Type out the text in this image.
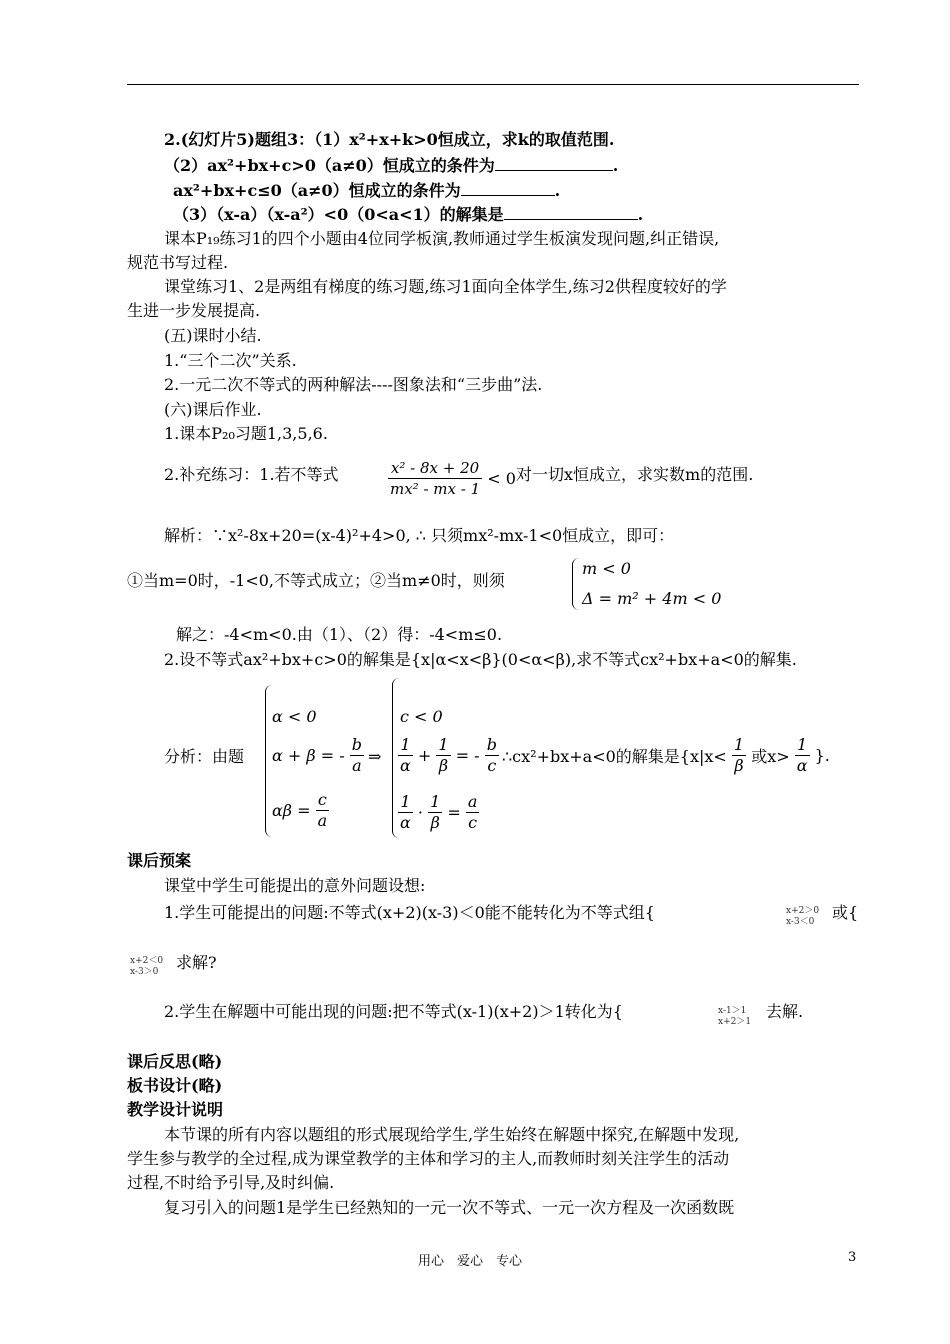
2.(幻灯片5)题组3：（1）x²+x+k>0恒成立，求k的取值范围.
（2）ax²+bx+c>0（a≠0）恒成立的条件为	.
ax²+bx+c≤0（a≠0）恒成立的条件为	.
（3）（x-a）（x-a²）<0（0<a<1）的解集是	.
课本P₁₉练习1的四个小题由4位同学板演,教师通过学生板演发现问题,纠正错误,
规范书写过程.
课堂练习1、2是两组有梯度的练习题,练习1面向全体学生,练习2供程度较好的学
生进一步发展提高.
(五)课时小结.
1.“三个二次”关系.
2.一元二次不等式的两种解法----图象法和“三步曲”法.
(六)课后作业.
1.课本P₂₀习题1,3,5,6.
2.补充练习：1.若不等式	$\frac{\text{x² - 8x + 20}}{\text{mx² - mx - 1}} < 0$ 对一切x恒成立，求实数m的范围.
解析：∵x²-8x+20=(x-4)²+4>0, ∴ 只须mx²-mx-1<0恒成立，即可：
①当m=0时，-1<0,不等式成立；②当m≠0时，则须
m < 0
Δ = m² + 4m < 0
解之：-4<m<0.由（1）、（2）得：-4<m≤0.
2.设不等式ax²+bx+c>0的解集是{x|α<x<β}(0<α<β),求不等式cx²+bx+a<0的解集.
分析：由题
α < 0
α + β = - $\frac{b}{a}$
$\alpha\beta = \frac{c}{a}$
⇒
c < 0
$\frac{1}{\alpha} + \frac{1}{\beta}$ = - $\frac{b}{c}$
$\frac{1}{\alpha} \cdot \frac{1}{\beta} = \frac{a}{c}$
∴cx²+bx+a<0的解集是{$x|x< \frac{1}{\beta}$ 或$x> \frac{1}{\alpha}$ }.
课后预案
课堂中学生可能提出的意外问题设想:
1.学生可能提出的问题:不等式(x+2)(x-3)＜0能不能转化为不等式组{	x+2＞0
x-3＜0 或{
x+2＜0
x-3＞0 求解?
2.学生在解题中可能出现的问题:把不等式(x-1)(x+2)＞1转化为{	x-1＞1
x+2＞1
去解.
课后反思(略)
板书设计(略)
教学设计说明
本节课的所有内容以题组的形式展现给学生,学生始终在解题中探究,在解题中发现,
学生参与教学的全过程,成为课堂教学的主体和学习的主人,而教师时刻关注学生的活动
过程,不时给予引导,及时纠偏.
复习引入的问题1是学生已经熟知的一元一次不等式、一元一次方程及一次函数既
用心　爱心　专心	3
